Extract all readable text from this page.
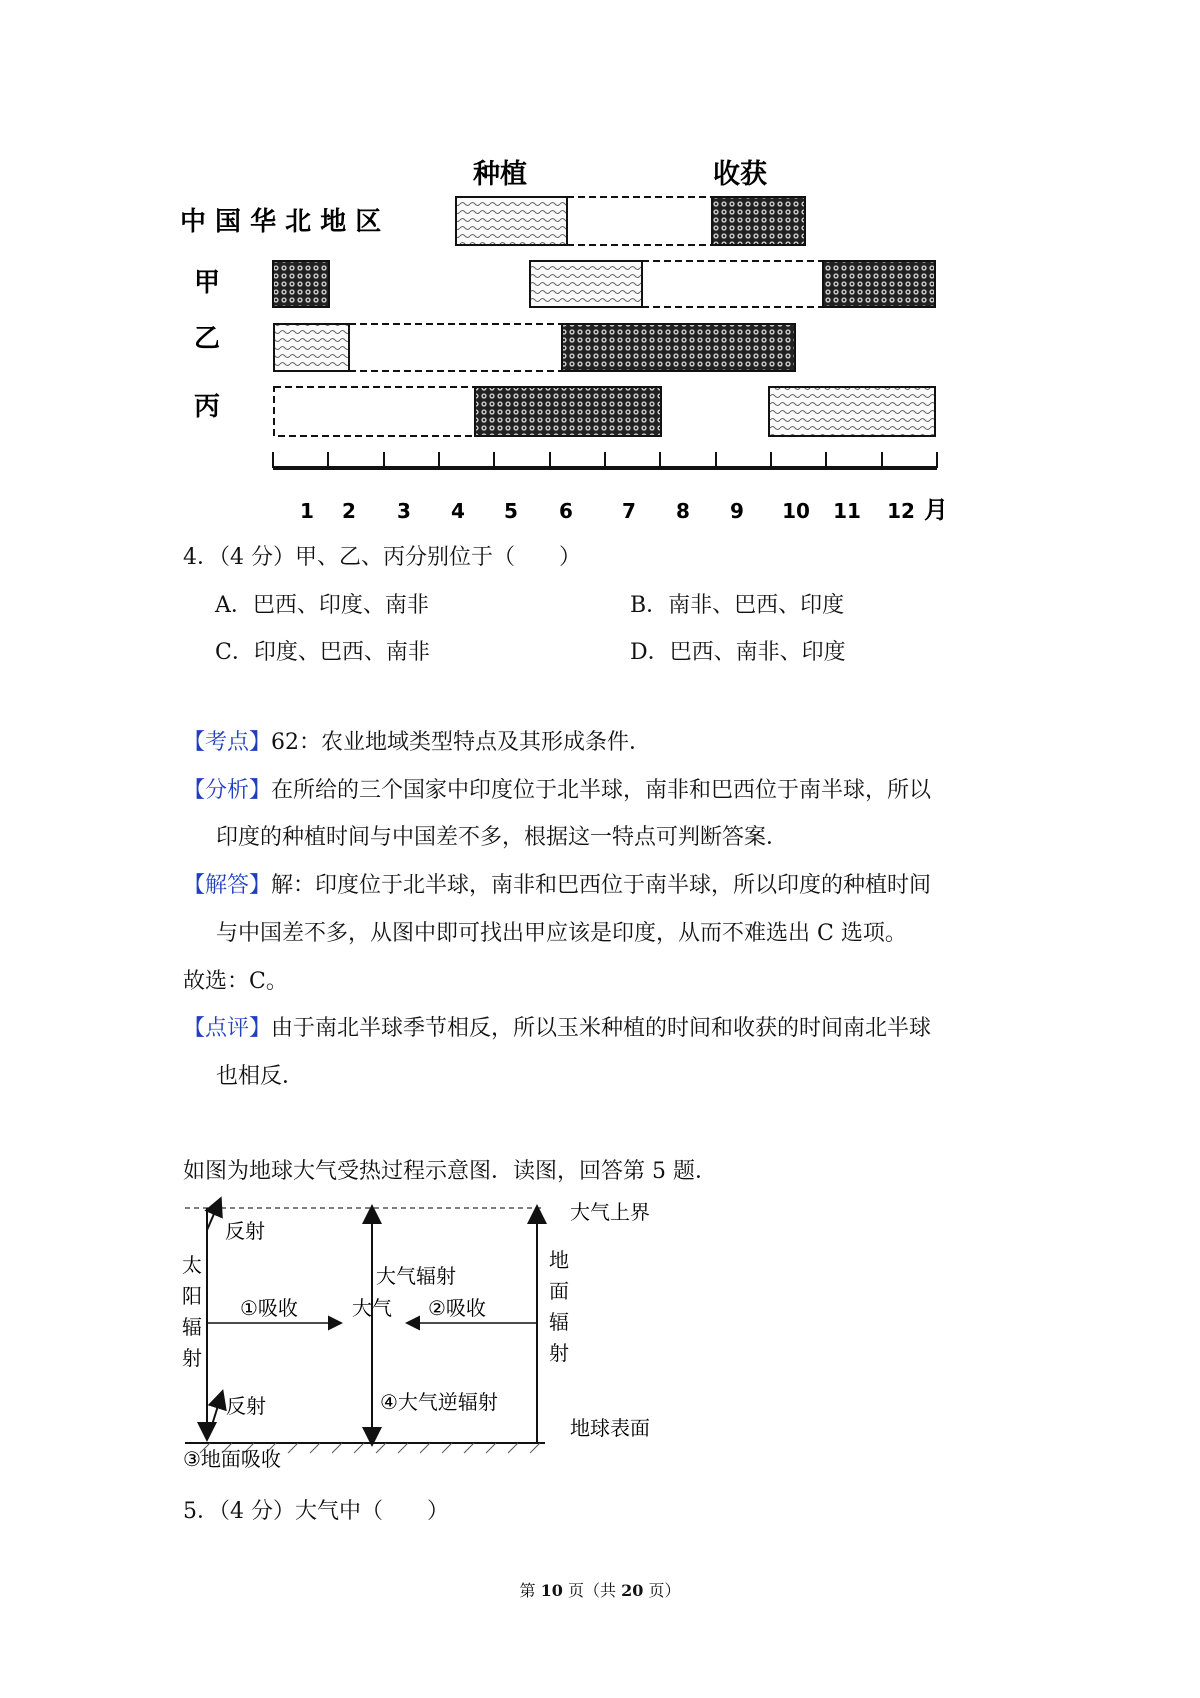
种植	收获
中 国 华 北 地 区
甲
乙
丙
1 2 3 4 5 6 7 8 9 10 11 12 月
4．（4 分）甲、乙、丙分别位于（　　）
A．巴西、印度、南非	B．南非、巴西、印度
C．印度、巴西、南非	D．巴西、南非、印度
【考点】62：农业地域类型特点及其形成条件．
【分析】在所给的三个国家中印度位于北半球，南非和巴西位于南半球，所以
印度的种植时间与中国差不多，根据这一特点可判断答案．
【解答】解：印度位于北半球，南非和巴西位于南半球，所以印度的种植时间
与中国差不多，从图中即可找出甲应该是印度，从而不难选出 C 选项。
故选：C。
【点评】由于南北半球季节相反，所以玉米种植的时间和收获的时间南北半球
也相反．
如图为地球大气受热过程示意图．读图，回答第 5 题．
大气上界
反射
太
阳
辐
射
①吸收
大气辐射
大气
④大气逆辐射
②吸收
地
面
辐
射
反射
地球表面
③地面吸收
5．（4 分）大气中（　　）
第 10 页（共 20 页）
